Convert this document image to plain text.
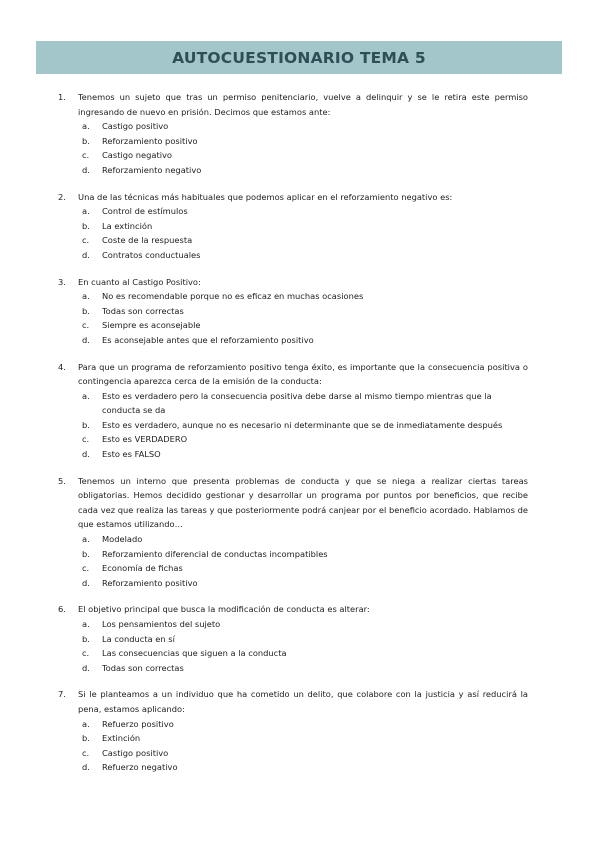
AUTOCUESTIONARIO TEMA 5
1.	Tenemos un sujeto que tras un permiso penitenciario, vuelve a delinquir y se le retira este permiso ingresando de nuevo en prisión. Decimos que estamos ante:
a.	Castigo positivo
b.	Reforzamiento positivo
c.	Castigo negativo
d.	Reforzamiento negativo
2.	Una de las técnicas más habituales que podemos aplicar en el reforzamiento negativo es:
a.	Control de estímulos
b.	La extinción
c.	Coste de la respuesta
d.	Contratos conductuales
3.	En cuanto al Castigo Positivo:
a.	No es recomendable porque no es eficaz en muchas ocasiones
b.	Todas son correctas
c.	Siempre es aconsejable
d.	Es aconsejable antes que el reforzamiento positivo
4.	Para que un programa de reforzamiento positivo tenga éxito, es importante que la consecuencia positiva o contingencia aparezca cerca de la emisión de la conducta:
a.	Esto es verdadero pero la consecuencia positiva debe darse al mismo tiempo mientras que la conducta se da
b.	Esto es verdadero, aunque no es necesario ni determinante que se de inmediatamente después
c.	Esto es VERDADERO
d.	Esto es FALSO
5.	Tenemos un interno que presenta problemas de conducta y que se niega a realizar ciertas tareas obligatorias. Hemos decidido gestionar y desarrollar un programa por puntos por beneficios, que recibe cada vez que realiza las tareas y que posteriormente podrá canjear por el beneficio acordado. Hablamos de que estamos utilizando…
a.	Modelado
b.	Reforzamiento diferencial de conductas incompatibles
c.	Economía de fichas
d.	Reforzamiento positivo
6.	El objetivo principal que busca la modificación de conducta es alterar:
a.	Los pensamientos del sujeto
b.	La conducta en sí
c.	Las consecuencias que siguen a la conducta
d.	Todas son correctas
7.	Si le planteamos a un individuo que ha cometido un delito, que colabore con la justicia y así reducirá la pena, estamos aplicando:
a.	Refuerzo positivo
b.	Extinción
c.	Castigo positivo
d.	Refuerzo negativo
